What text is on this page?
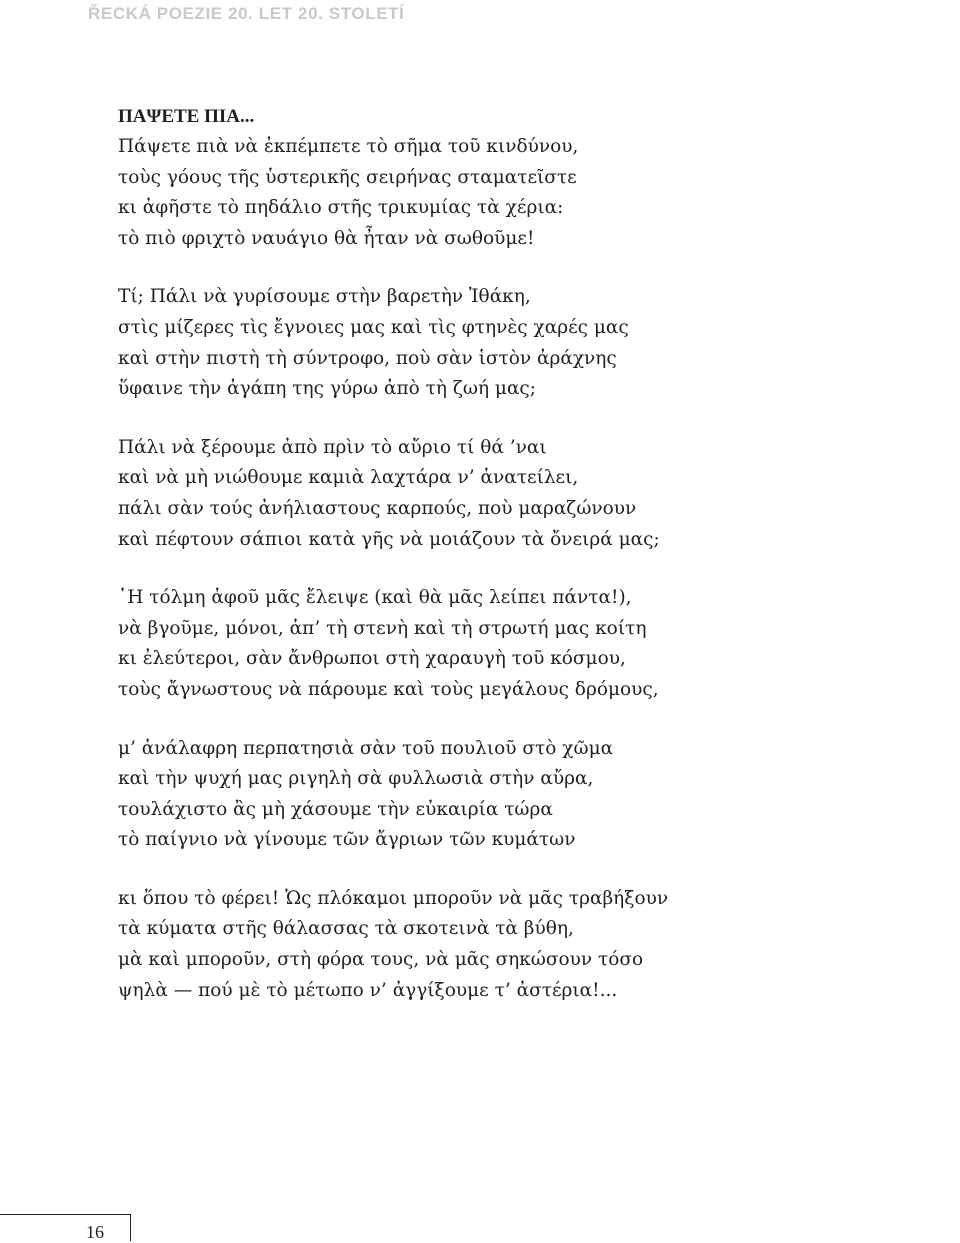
ŘECKÁ POEZIE 20. LET 20. STOLETÍ
ΠΑΨΕΤΕ ΠΙΑ...
Πάψετε πιὰ νὰ ἐκπέμπετε τὸ σῆμα τοῦ κινδύνου,
τοὺς γόους τῆς ὑστερικῆς σειρήνας σταματεῖστε
κι ἀφῆστε τὸ πηδάλιο στῆς τρικυμίας τὰ χέρια:
τὸ πιὸ φριχτὸ ναυάγιο θὰ ἦταν νὰ σωθοῦμε!
Τί; Πάλι νὰ γυρίσουμε στὴν βαρετὴν Ἰθάκη,
στὶς μίζερες τὶς ἔγνοιες μας καὶ τὶς φτηνὲς χαρές μας
καὶ στὴν πιστὴ τὴ σύντροφο, ποὺ σὰν ἱστὸν ἀράχνης
ὕφαινε τὴν ἀγάπη της γύρω ἀπὸ τὴ ζωή μας;
Πάλι νὰ ξέρουμε ἀπὸ πρὶν τὸ αὔριο τί θά ’ναι
καὶ νὰ μὴ νιώθουμε καμιὰ λαχτάρα ν’ ἀνατείλει,
πάλι σὰν τούς ἀνήλιαστους καρπούς, ποὺ μαραζώνουν
καὶ πέφτουν σάπιοι κατὰ γῆς νὰ μοιάζουν τὰ ὄνειρά μας;
῾Η τόλμη ἀφοῦ μᾶς ἔλειψε (καὶ θὰ μᾶς λείπει πάντα!),
νὰ βγοῦμε, μόνοι, ἀπ’ τὴ στενὴ καὶ τὴ στρωτή μας κοίτη
κι ἐλεύτεροι, σὰν ἄνθρωποι στὴ χαραυγὴ τοῦ κόσμου,
τοὺς ἄγνωστους νὰ πάρουμε καὶ τοὺς μεγάλους δρόμους,
μ’ ἀνάλαφρη περπατησιὰ σὰν τοῦ πουλιοῦ στὸ χῶμα
καὶ τὴν ψυχή μας ριγηλὴ σὰ φυλλωσιὰ στὴν αὔρα,
τουλάχιστο ἂς μὴ χάσουμε τὴν εὐκαιρία τώρα
τὸ παίγνιο νὰ γίνουμε τῶν ἄγριων τῶν κυμάτων
κι ὅπου τὸ φέρει! Ὡς πλόκαμοι μποροῦν νὰ μᾶς τραβήξουν
τὰ κύματα στῆς θάλασσας τὰ σκοτεινὰ τὰ βύθη,
μὰ καὶ μποροῦν, στὴ φόρα τους, νὰ μᾶς σηκώσουν τόσο
ψηλὰ — πού μὲ τὸ μέτωπο ν’ ἀγγίξουμε τ’ ἀστέρια!...
16
